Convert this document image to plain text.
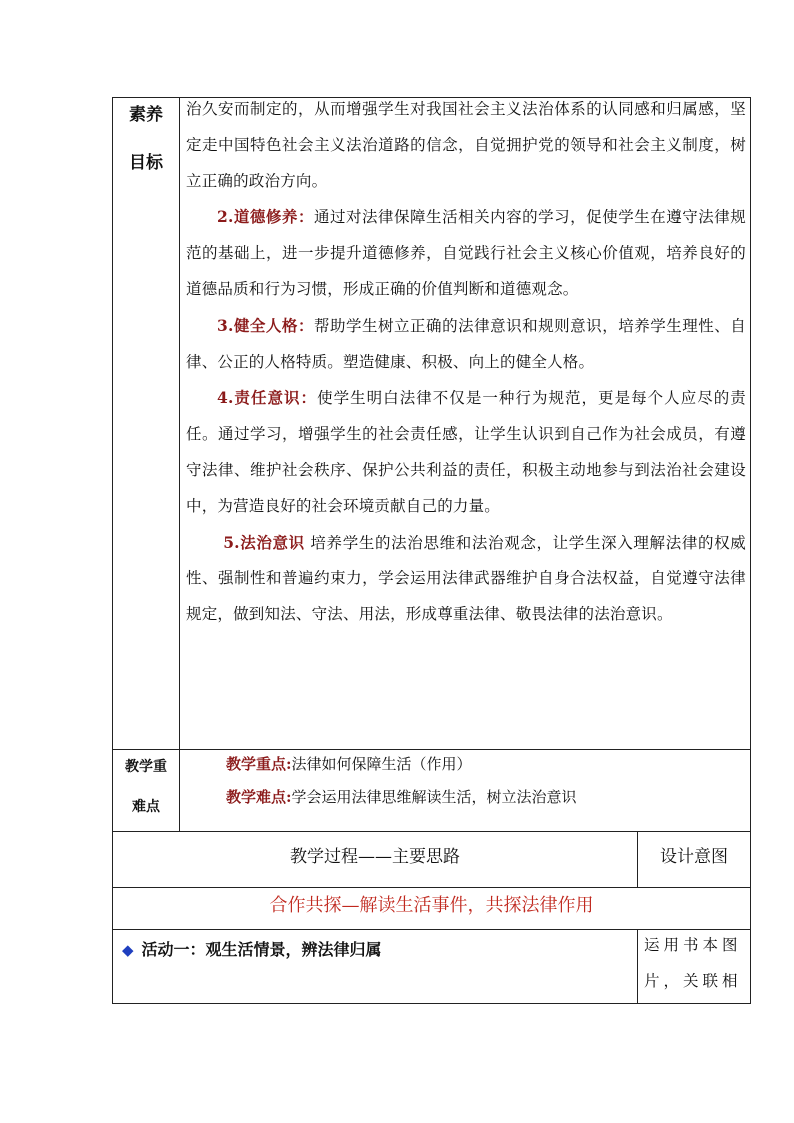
素养
目标

治久安而制定的，从而增强学生对我国社会主义法治体系的认同感和归属感，坚定走中国特色社会主义法治道路的信念，自觉拥护党的领导和社会主义制度，树立正确的政治方向。

2.道德修养：通过对法律保障生活相关内容的学习，促使学生在遵守法律规范的基础上，进一步提升道德修养，自觉践行社会主义核心价值观，培养良好的道德品质和行为习惯，形成正确的价值判断和道德观念。

3.健全人格：帮助学生树立正确的法律意识和规则意识，培养学生理性、自律、公正的人格特质。塑造健康、积极、向上的健全人格。

4.责任意识：使学生明白法律不仅是一种行为规范，更是每个人应尽的责任。通过学习，增强学生的社会责任感，让学生认识到自己作为社会成员，有遵守法律、维护社会秩序、保护公共利益的责任，积极主动地参与到法治社会建设中，为营造良好的社会环境贡献自己的力量。

5.法治意识 培养学生的法治思维和法治观念，让学生深入理解法律的权威性、强制性和普遍约束力，学会运用法律武器维护自身合法权益，自觉遵守法律规定，做到知法、守法、用法，形成尊重法律、敬畏法律的法治意识。

教学重
难点
教学重点:法律如何保障生活（作用）
教学难点:学会运用法律思维解读生活，树立法治意识
教学过程——主要思路	设计意图
合作共探—解读生活事件，共探法律作用
◆ 活动一：观生活情景，辨法律归属	运用书本图
片，关联相
